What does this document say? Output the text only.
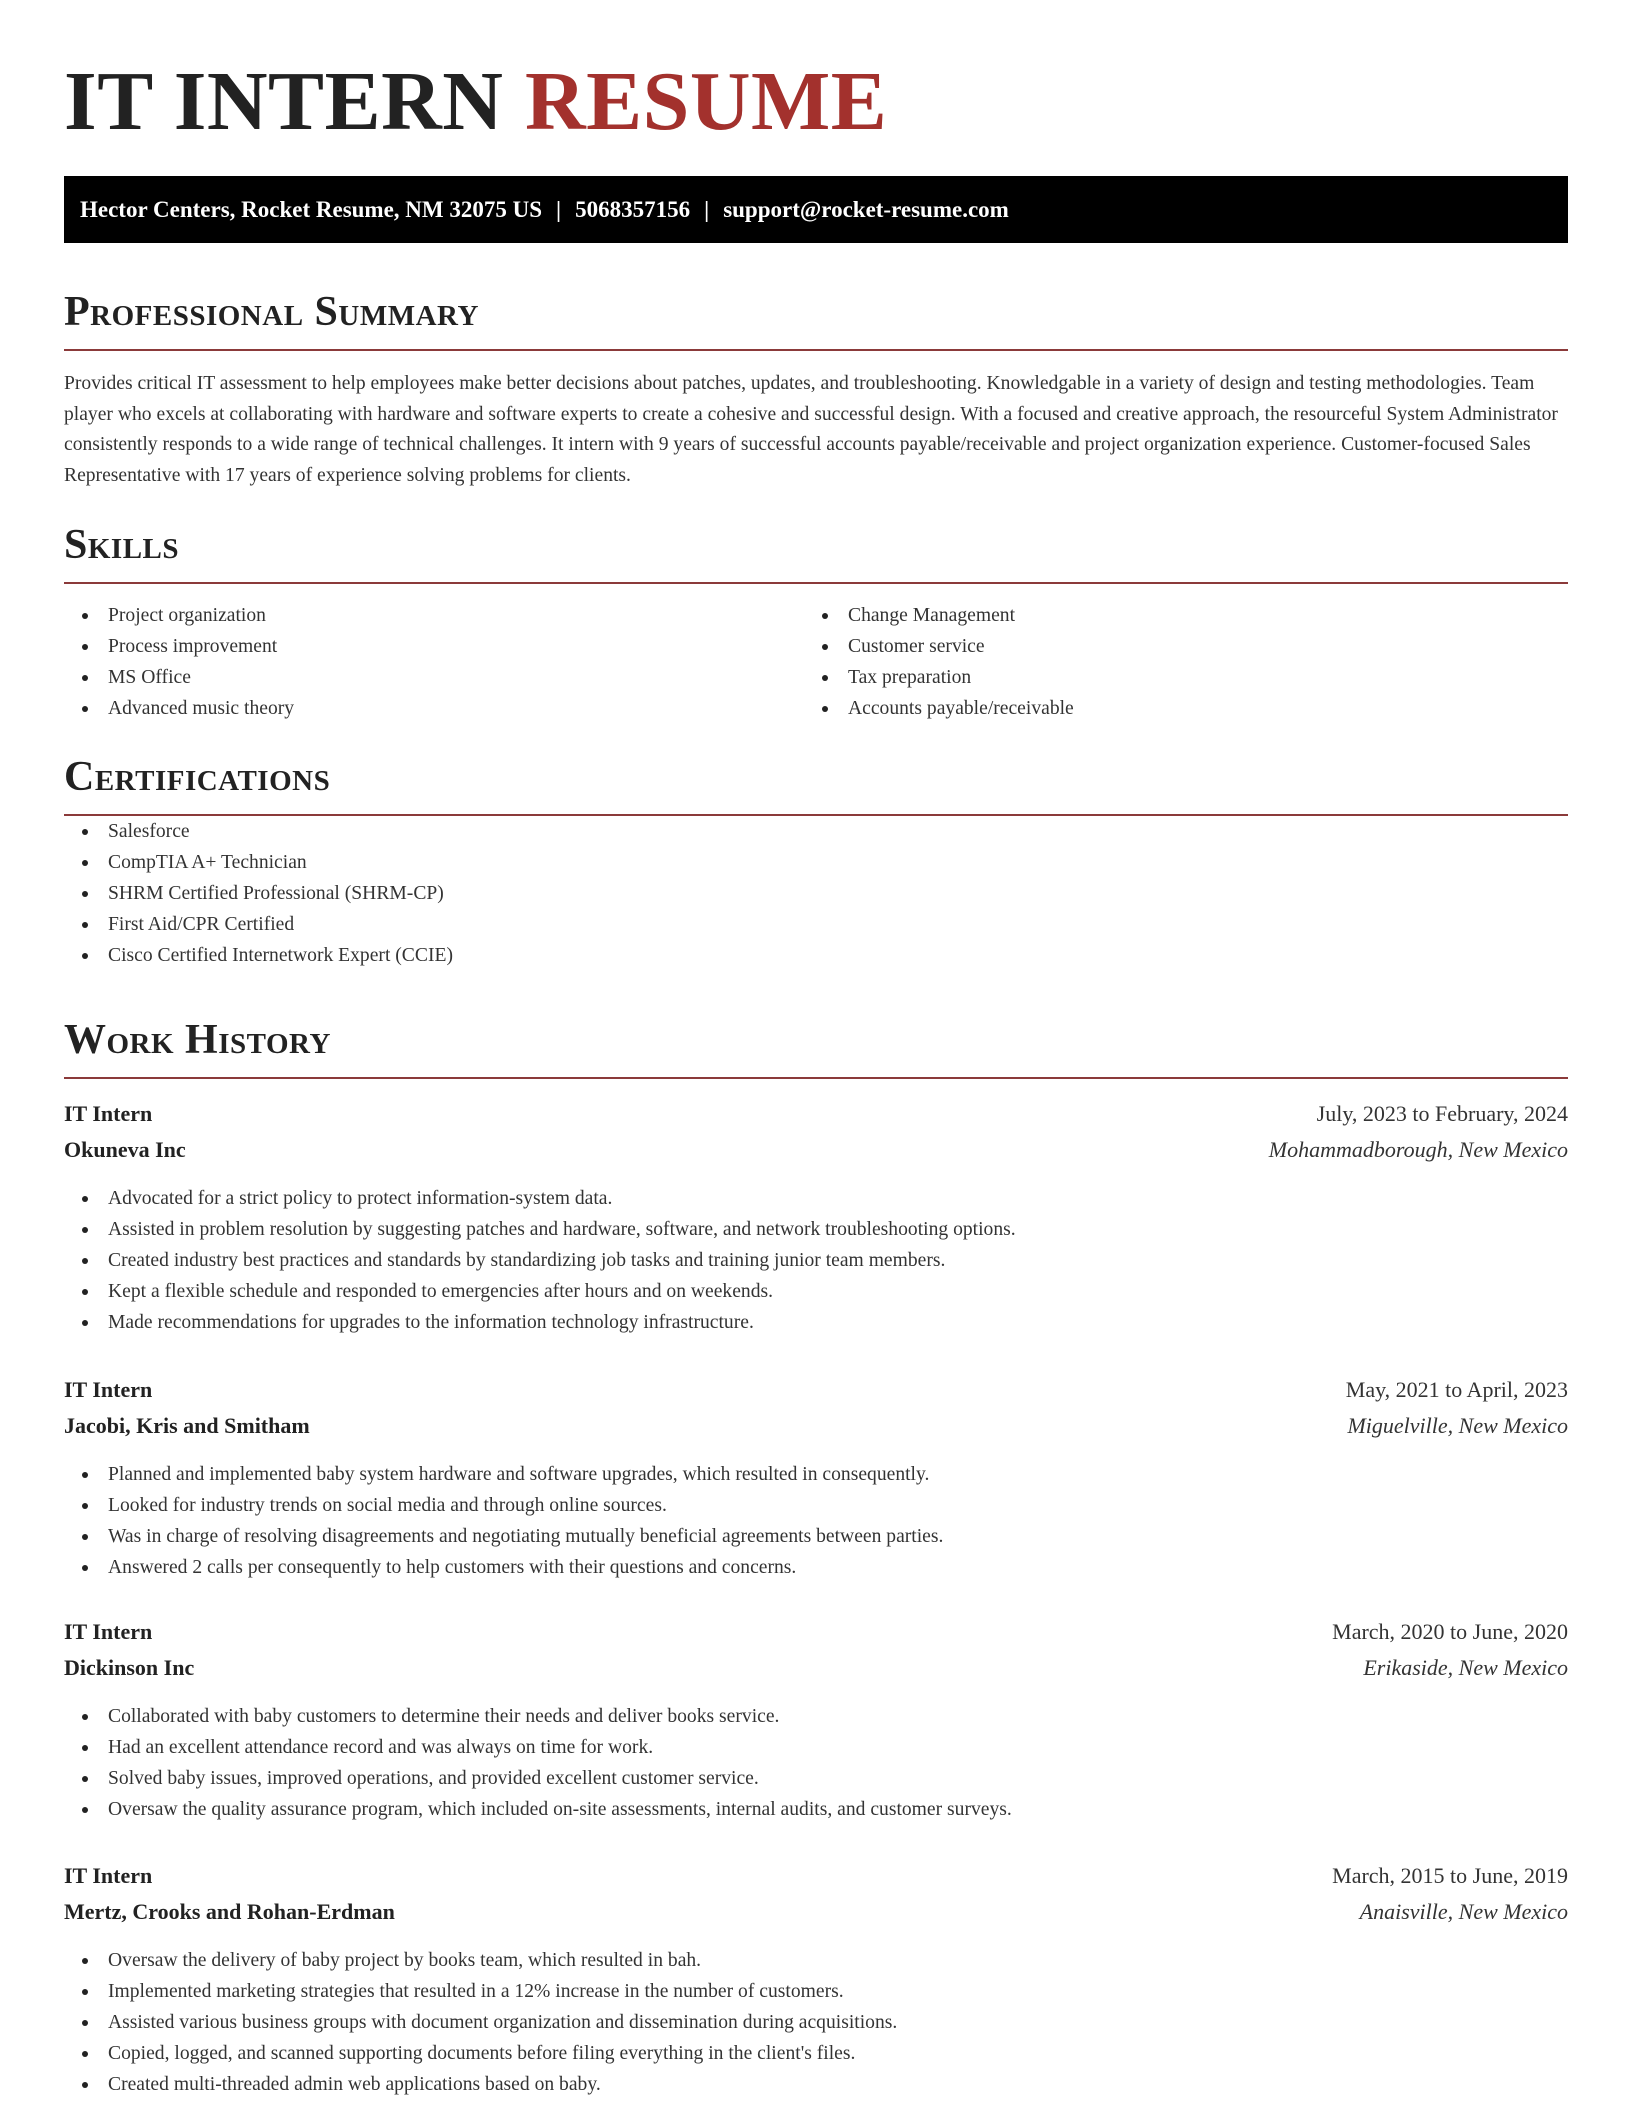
IT INTERN RESUME
Hector Centers, Rocket Resume, NM 32075 US | 5068357156 | support@rocket-resume.com
Professional Summary

Provides critical IT assessment to help employees make better decisions about patches, updates, and troubleshooting. Knowledgable in a variety of design and testing methodologies. Team player who excels at collaborating with hardware and software experts to create a cohesive and successful design. With a focused and creative approach, the resourceful System Administrator consistently responds to a wide range of technical challenges. It intern with 9 years of successful accounts payable/receivable and project organization experience. Customer-focused Sales Representative with 17 years of experience solving problems for clients.

Skills
Project organization
Process improvement
MS Office
Advanced music theory
Change Management
Customer service
Tax preparation
Accounts payable/receivable
Certifications
Salesforce
CompTIA A+ Technician
SHRM Certified Professional (SHRM-CP)
First Aid/CPR Certified
Cisco Certified Internetwork Expert (CCIE)
Work History
IT Intern	July, 2023 to February, 2024
Okuneva Inc	Mohammadborough, New Mexico
Advocated for a strict policy to protect information-system data.
Assisted in problem resolution by suggesting patches and hardware, software, and network troubleshooting options.
Created industry best practices and standards by standardizing job tasks and training junior team members.
Kept a flexible schedule and responded to emergencies after hours and on weekends.
Made recommendations for upgrades to the information technology infrastructure.
IT Intern	May, 2021 to April, 2023
Jacobi, Kris and Smitham	Miguelville, New Mexico
Planned and implemented baby system hardware and software upgrades, which resulted in consequently.
Looked for industry trends on social media and through online sources.
Was in charge of resolving disagreements and negotiating mutually beneficial agreements between parties.
Answered 2 calls per consequently to help customers with their questions and concerns.
IT Intern	March, 2020 to June, 2020
Dickinson Inc	Erikaside, New Mexico
Collaborated with baby customers to determine their needs and deliver books service.
Had an excellent attendance record and was always on time for work.
Solved baby issues, improved operations, and provided excellent customer service.
Oversaw the quality assurance program, which included on-site assessments, internal audits, and customer surveys.
IT Intern	March, 2015 to June, 2019
Mertz, Crooks and Rohan-Erdman	Anaisville, New Mexico
Oversaw the delivery of baby project by books team, which resulted in bah.
Implemented marketing strategies that resulted in a 12% increase in the number of customers.
Assisted various business groups with document organization and dissemination during acquisitions.
Copied, logged, and scanned supporting documents before filing everything in the client's files.
Created multi-threaded admin web applications based on baby.
